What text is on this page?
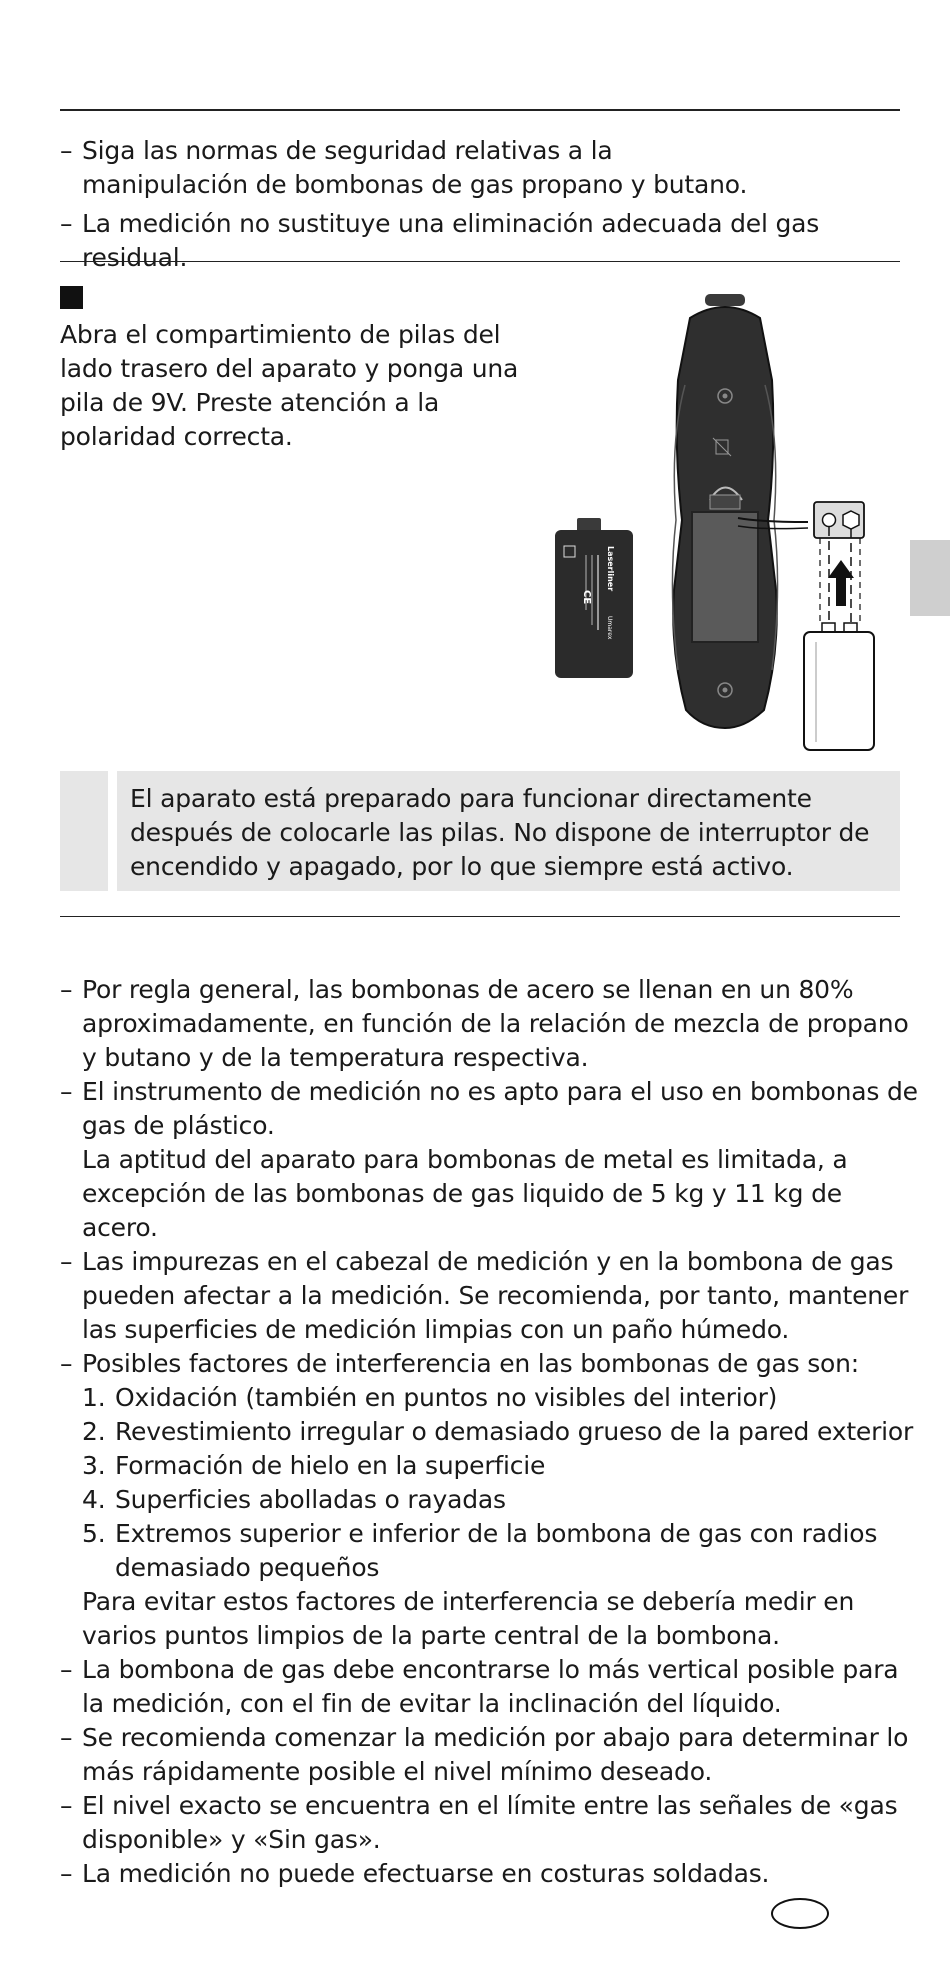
– Siga las normas de seguridad relativas a la manipulación de bombonas de gas propano y butano.
– La medición no sustituye una eliminación adecuada del gas residual.
Abra el compartimiento de pilas del lado trasero del aparato y ponga una pila de 9V. Preste atención a la polaridad correcta.
Laserliner
Umarex
CE
El aparato está preparado para funcionar directamente después de colocarle las pilas. No dispone de interruptor de encendido y apagado, por lo que siempre está activo.
– Por regla general, las bombonas de acero se llenan en un 80% aproximadamente, en función de la relación de mezcla de propano y butano y de la temperatura respectiva.
– El instrumento de medición no es apto para el uso en bombonas de gas de plástico.
La aptitud del aparato para bombonas de metal es limitada, a excepción de las bombonas de gas liquido de 5 kg y 11 kg de acero.
– Las impurezas en el cabezal de medición y en la bombona de gas pueden afectar a la medición. Se recomienda, por tanto, mantener las superficies de medición limpias con un paño húmedo.
– Posibles factores de interferencia en las bombonas de gas son:
1. Oxidación (también en puntos no visibles del interior)
2. Revestimiento irregular o demasiado grueso de la pared exterior
3. Formación de hielo en la superficie
4. Superficies abolladas o rayadas
5. Extremos superior e inferior de la bombona de gas con radios demasiado pequeños
Para evitar estos factores de interferencia se debería medir en varios puntos limpios de la parte central de la bombona.
– La bombona de gas debe encontrarse lo más vertical posible para la medición, con el fin de evitar la inclinación del líquido.
– Se recomienda comenzar la medición por abajo para determinar lo más rápidamente posible el nivel mínimo deseado.
– El nivel exacto se encuentra en el límite entre las señales de «gas disponible» y «Sin gas».
– La medición no puede efectuarse en costuras soldadas.
